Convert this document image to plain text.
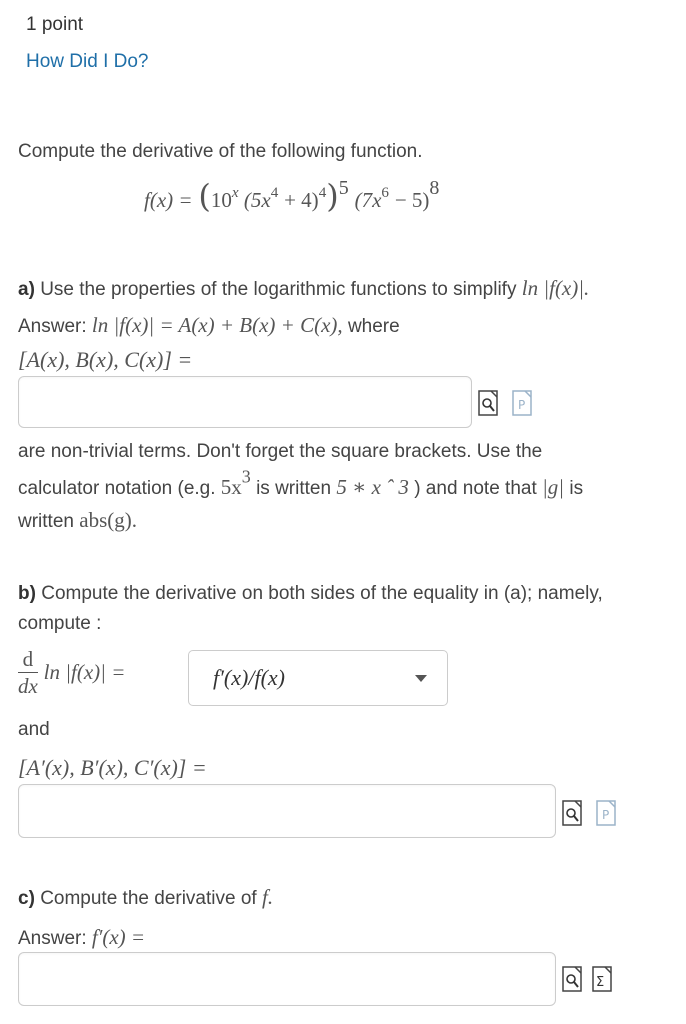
1 point
How Did I Do?
Compute the derivative of the following function.
$f(x) = (10^x$ $(5x^4 + 4)^4)^5$ $(7x^6 - 5)^8$
a) Use the properties of the logarithmic functions to simplify ln |f(x)|.
Answer: ln |f(x)| = A(x) + B(x) + C(x), where
[A(x), B(x), C(x)] =
P
are non-trivial terms. Don't forget the square brackets. Use the
calculator notation (e.g. $5x^3$ is written 5 ∗ x ˆ 3 ) and note that |g| is
written abs(g).
b) Compute the derivative on both sides of the equality in (a); namely,
compute :
$\frac{d}{dx}$ ln |f(x)| =	f′(x)/f(x)
and
[A′(x), B′(x), C′(x)] =
P
c) Compute the derivative of f.
Answer: f′(x) =
Σ
